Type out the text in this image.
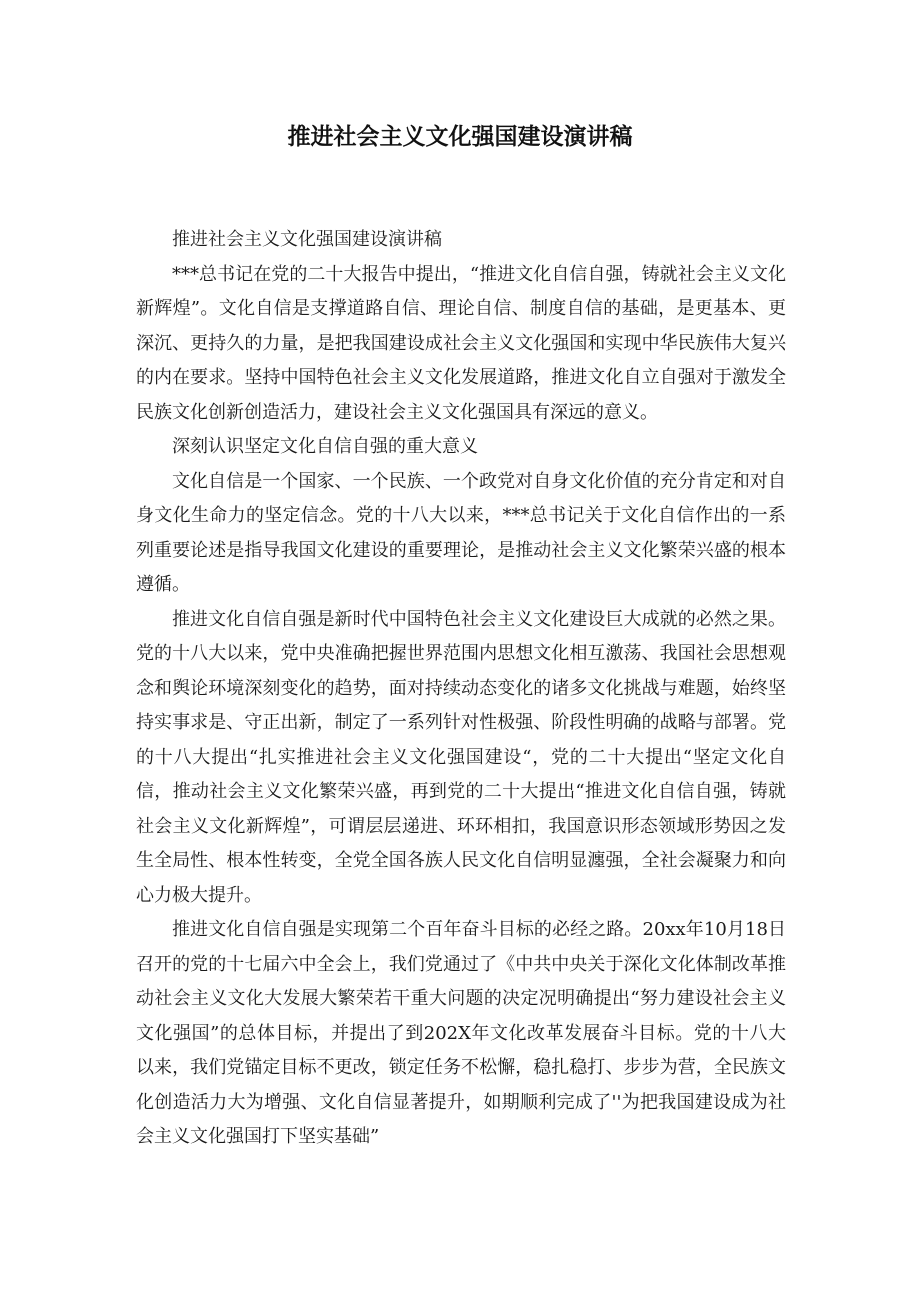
推进社会主义文化强国建设演讲稿

推进社会主义文化强国建设演讲稿

***总书记在党的二十大报告中提出，“推进文化自信自强，铸就社会主义文化新辉煌”。文化自信是支撑道路自信、理论自信、制度自信的基础，是更基本、更深沉、更持久的力量，是把我国建设成社会主义文化强国和实现中华民族伟大复兴的内在要求。坚持中国特色社会主义文化发展道路，推进文化自立自强对于激发全民族文化创新创造活力，建设社会主义文化强国具有深远的意义。

深刻认识坚定文化自信自强的重大意义

文化自信是一个国家、一个民族、一个政党对自身文化价值的充分肯定和对自身文化生命力的坚定信念。党的十八大以来，***总书记关于文化自信作出的一系列重要论述是指导我国文化建设的重要理论，是推动社会主义文化繁荣兴盛的根本遵循。

推进文化自信自强是新时代中国特色社会主义文化建设巨大成就的必然之果。党的十八大以来，党中央准确把握世界范围内思想文化相互激荡、我国社会思想观念和舆论环境深刻变化的趋势，面对持续动态变化的诸多文化挑战与难题，始终坚持实事求是、守正出新，制定了一系列针对性极强、阶段性明确的战略与部署。党的十八大提出“扎实推进社会主义文化强国建设“，党的二十大提出“坚定文化自信，推动社会主义文化繁荣兴盛，再到党的二十大提出“推进文化自信自强，铸就社会主义文化新辉煌”，可谓层层递进、环环相扣，我国意识形态领域形势因之发生全局性、根本性转变，全党全国各族人民文化自信明显瀍强，全社会凝聚力和向心力极大提升。

推进文化自信自强是实现第二个百年奋斗目标的必经之路。20xx年10月18日召开的党的十七届六中全会上，我们党通过了《中共中央关于深化文化体制改革推动社会主义文化大发展大繁荣若干重大问题的决定况明确提出“努力建设社会主义文化强国”的总体目标，并提出了到202X年文化改革发展奋斗目标。党的十八大以来，我们党锚定目标不更改，锁定任务不松懈，稳扎稳打、步步为营，全民族文化创造活力大为增强、文化自信显著提升，如期顺利完成了''为把我国建设成为社会主义文化强国打下坚实基础”
